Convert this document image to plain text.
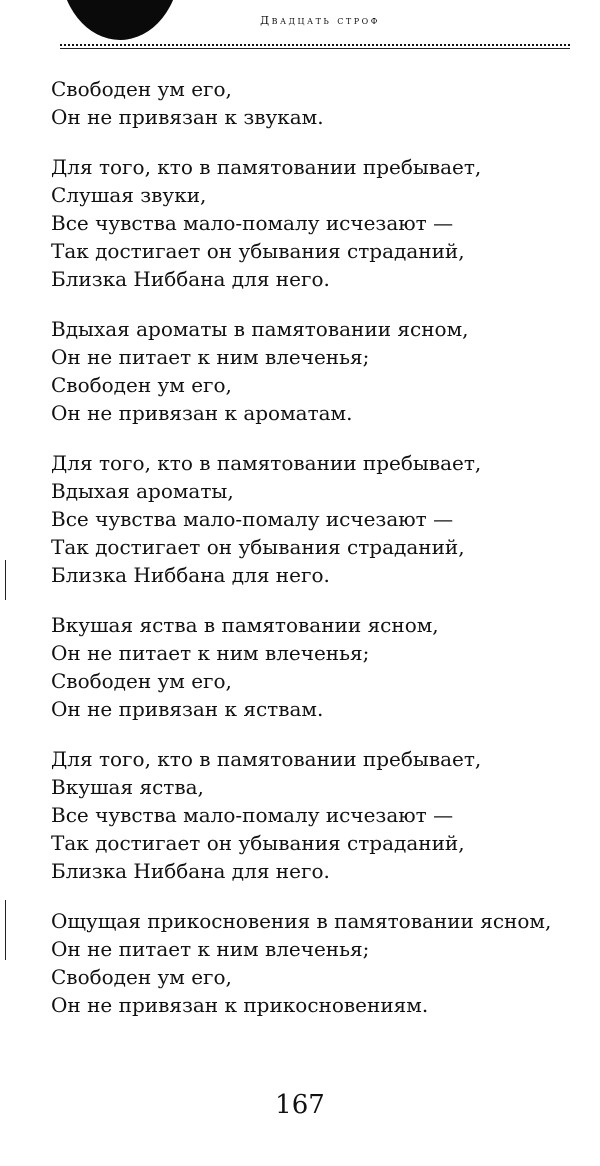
Двадцать строф
Свободен ум его,
Он не привязан к звукам.
Для того, кто в памятовании пребывает,
Слушая звуки,
Все чувства мало-помалу исчезают —
Так достигает он убывания страданий,
Близка Ниббана для него.
Вдыхая ароматы в памятовании ясном,
Он не питает к ним влеченья;
Свободен ум его,
Он не привязан к ароматам.
Для того, кто в памятовании пребывает,
Вдыхая ароматы,
Все чувства мало-помалу исчезают —
Так достигает он убывания страданий,
Близка Ниббана для него.
Вкушая яства в памятовании ясном,
Он не питает к ним влеченья;
Свободен ум его,
Он не привязан к яствам.
Для того, кто в памятовании пребывает,
Вкушая яства,
Все чувства мало-помалу исчезают —
Так достигает он убывания страданий,
Близка Ниббана для него.
Ощущая прикосновения в памятовании ясном,
Он не питает к ним влеченья;
Свободен ум его,
Он не привязан к прикосновениям.
167
